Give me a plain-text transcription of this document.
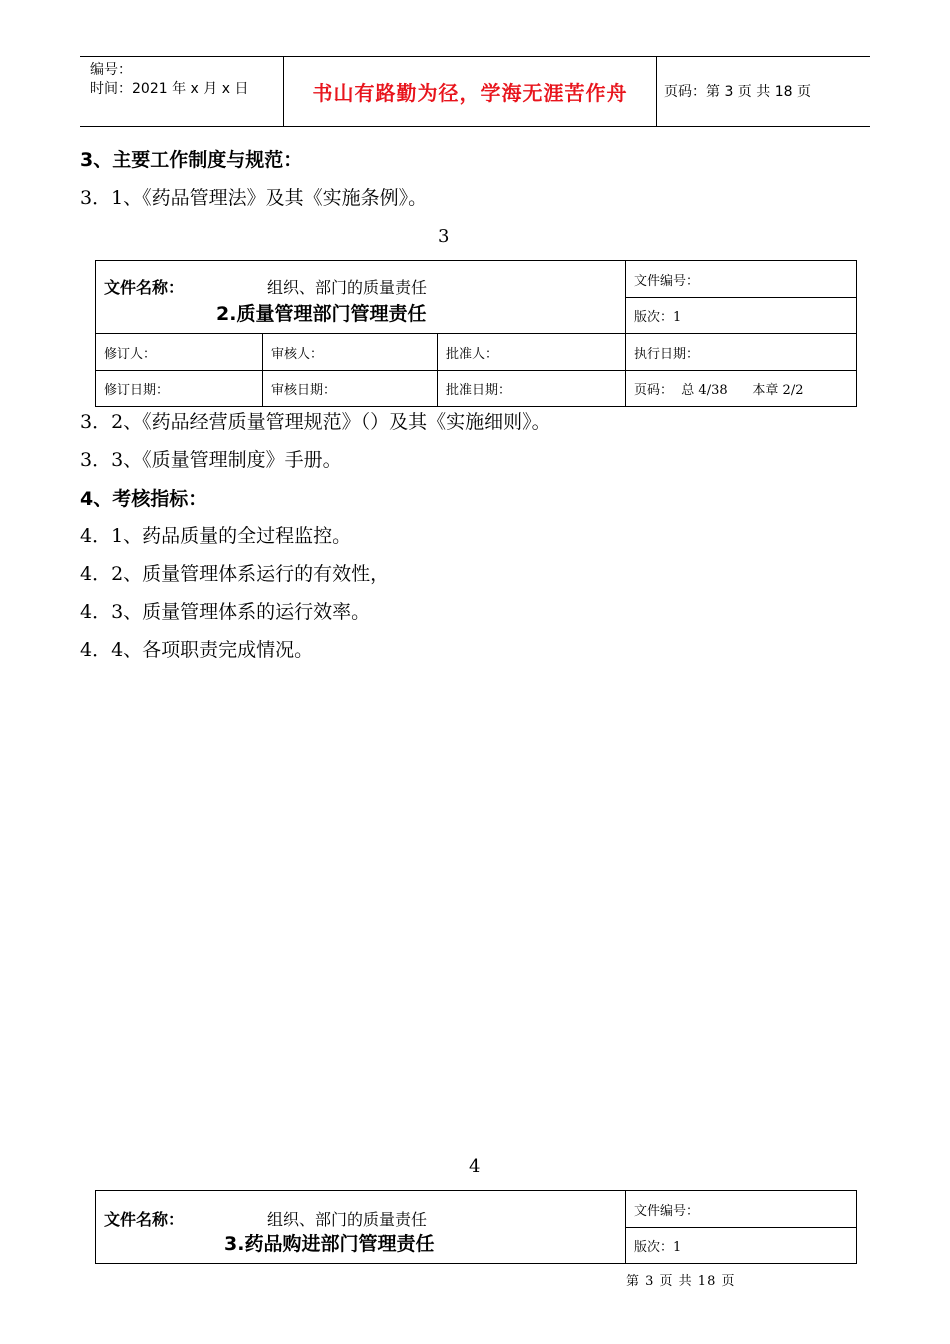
编号：
时间：2021 年 x 月 x 日	书山有路勤为径，学海无涯苦作舟	页码：第 3 页 共 18 页
3、主要工作制度与规范：
3．1、《药品管理法》及其《实施条例》。
3
文件名称： 组织、部门的质量责任
2.质量管理部门管理责任			文件编号：
			版次：1
修订人：	审核人：	批准人：	执行日期：
修订日期：	审核日期：	批准日期：	页码：  总 4/38      本章 2/2
3．2、《药品经营质量管理规范》（）及其《实施细则》。
3．3、《质量管理制度》手册。
4、考核指标：
4．1、药品质量的全过程监控。
4．2、质量管理体系运行的有效性，
4．3、质量管理体系的运行效率。
4．4、各项职责完成情况。
4
文件名称：	组织、部门的质量责任
3.药品购进部门管理责任
	文件编号：
版次：1
第 3 页 共 18 页
